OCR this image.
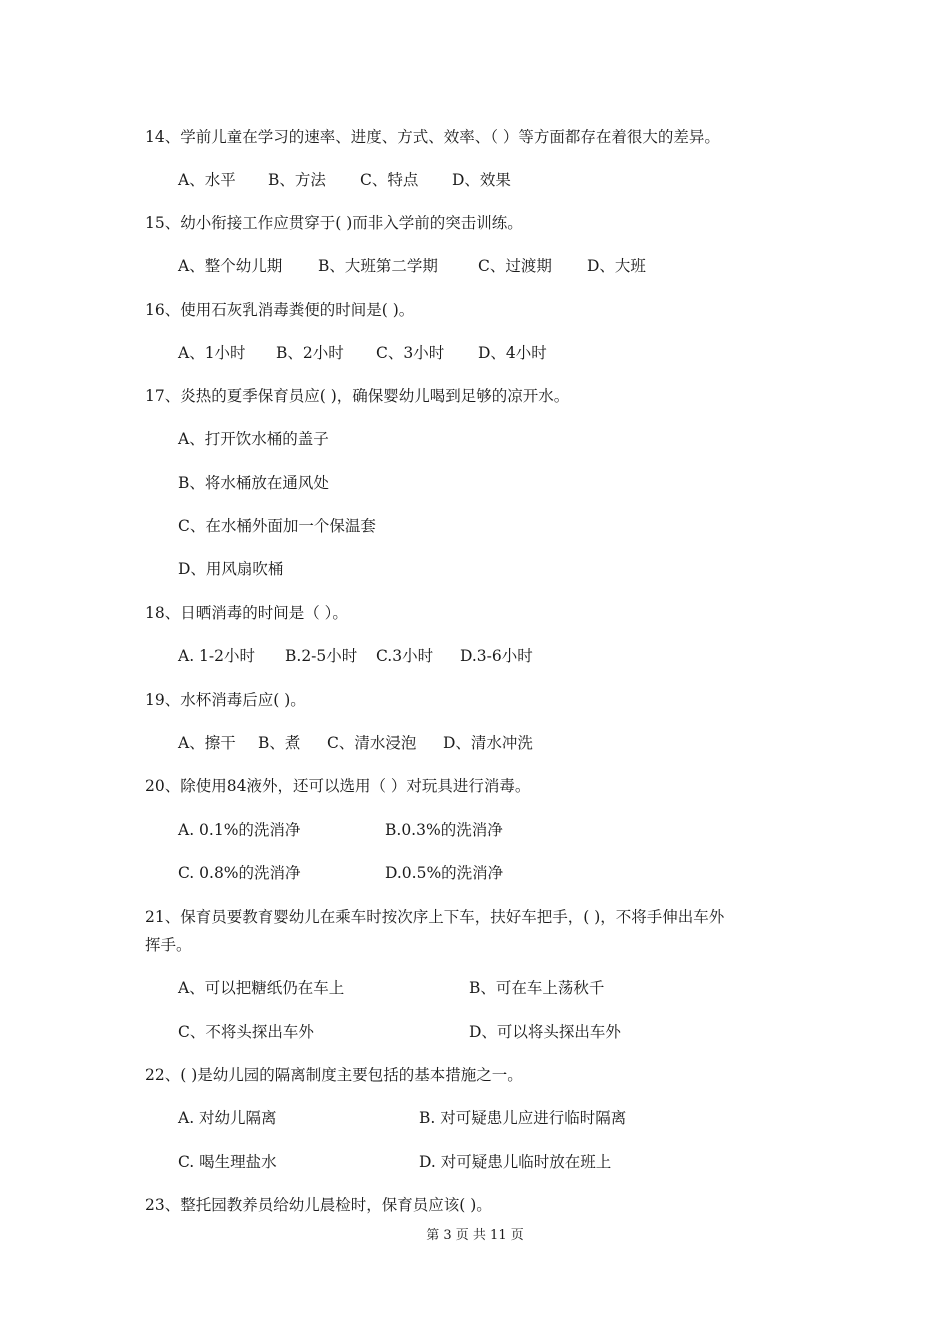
14、学前儿童在学习的速率、进度、方式、效率、（ ）等方面都存在着很大的差异。
A、水平 B、方法 C、特点 D、效果
15、幼小衔接工作应贯穿于( )而非入学前的突击训练。
A、整个幼儿期 B、大班第二学期	C、过渡期 D、大班
16、使用石灰乳消毒粪便的时间是( )。
A、1小时 B、2小时 C、3小时 D、4小时
17、炎热的夏季保育员应( )，确保婴幼儿喝到足够的凉开水。
A、打开饮水桶的盖子
B、将水桶放在通风处
C、在水桶外面加一个保温套
D、用风扇吹桶
18、日晒消毒的时间是（ ）。
A. 1-2小时 B.2-5小时 C.3小时 D.3-6小时
19、水杯消毒后应( )。
A、擦干 B、煮 C、清水浸泡 D、清水冲洗
20、除使用84液外，还可以选用（ ）对玩具进行消毒。
A. 0.1%的洗消净	B.0.3%的洗消净
C. 0.8%的洗消净	D.0.5%的洗消净
21、保育员要教育婴幼儿在乘车时按次序上下车，扶好车把手，( )，不将手伸出车外
挥手。
A、可以把糖纸仍在车上	B、可在车上荡秋千
C、不将头探出车外	D、可以将头探出车外
22、( )是幼儿园的隔离制度主要包括的基本措施之一。
A. 对幼儿隔离	B. 对可疑患儿应进行临时隔离
C. 喝生理盐水	D. 对可疑患儿临时放在班上
23、整托园教养员给幼儿晨检时，保育员应该( )。
第 3 页 共 11 页
